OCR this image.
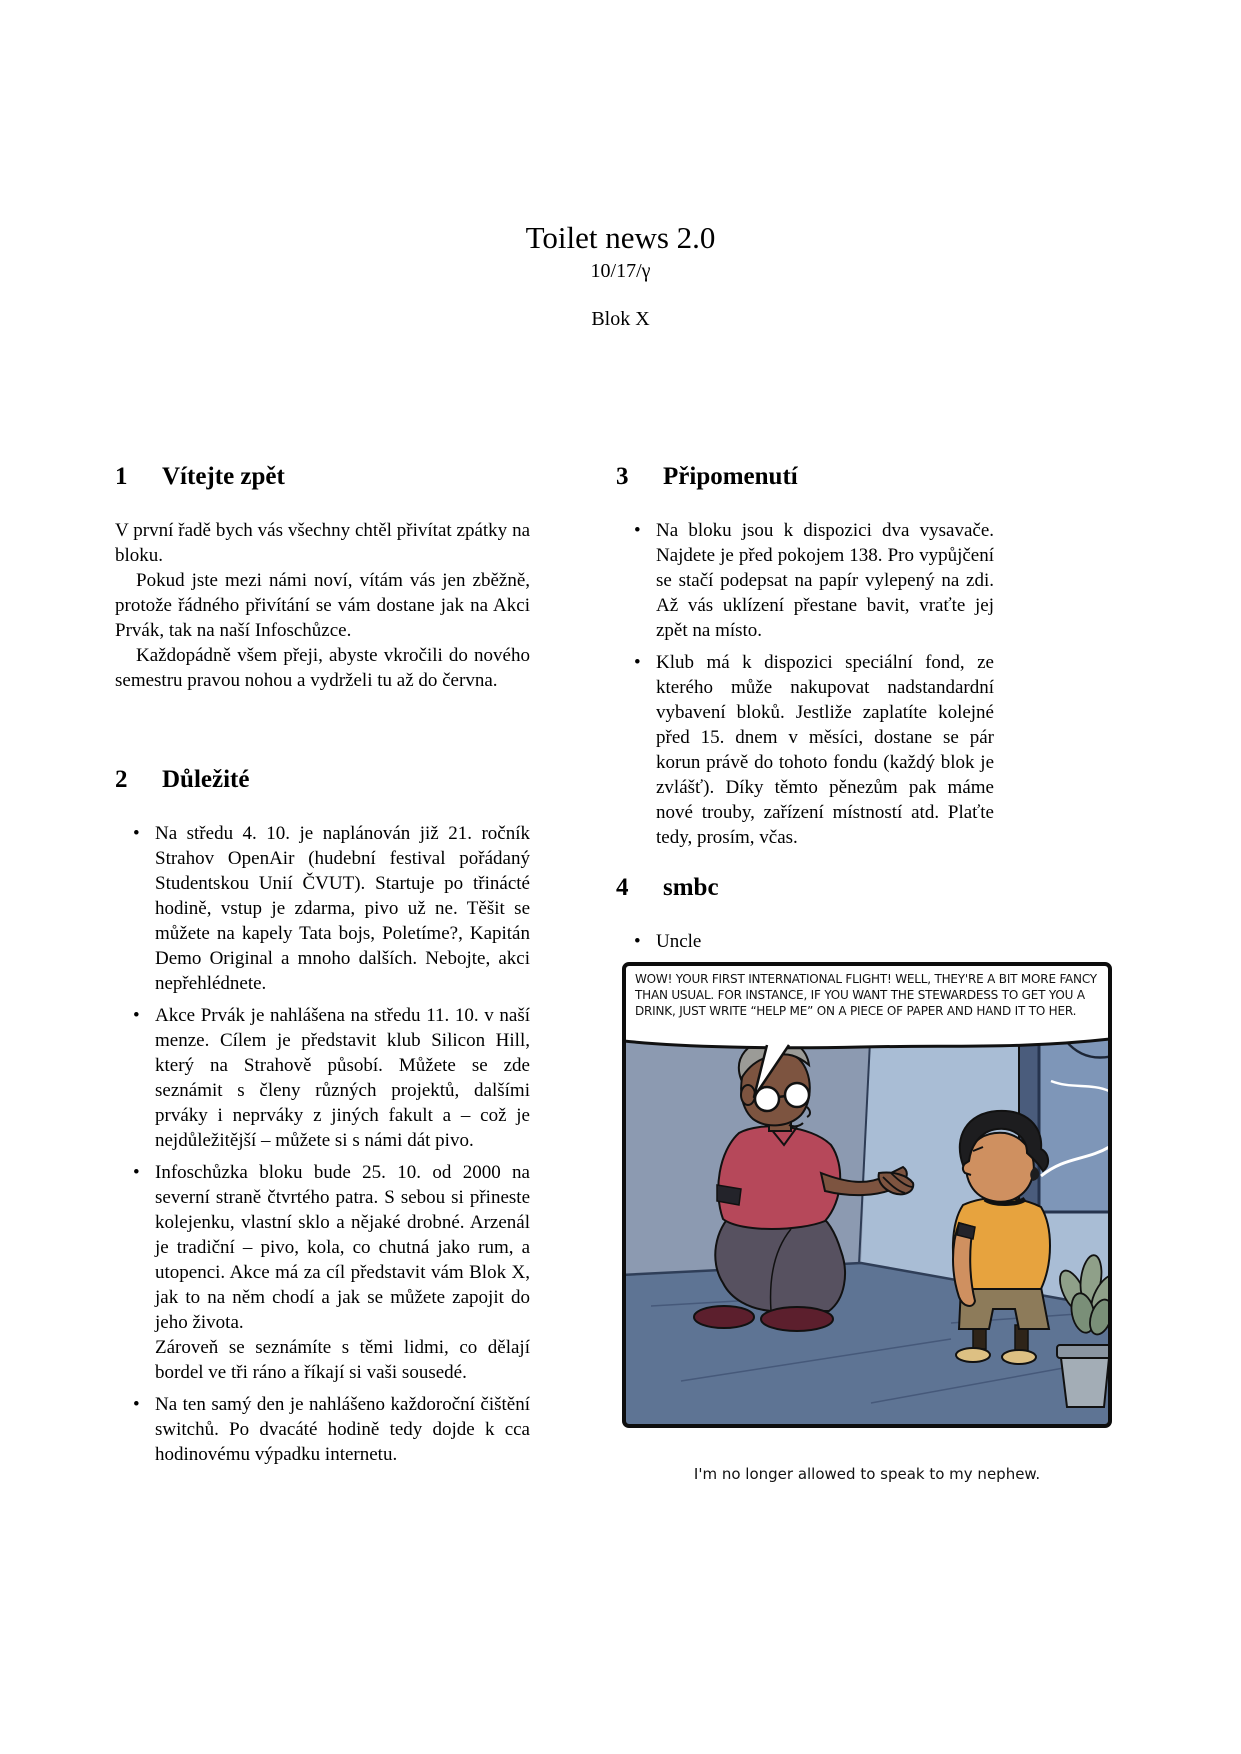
Toilet news 2.0
10/17/γ
Blok X
1 Vítejte zpět

V první řadě bych vás všechny chtěl přivítat zpátky na bloku.

Pokud jste mezi námi noví, vítám vás jen zběžně, protože řádného přivítání se vám dostane jak na Akci Prvák, tak na naší Infoschůzce.

Každopádně všem přeji, abyste vkročili do nového semestru pravou nohou a vydrželi tu až do června.

2 Důležité
• Na středu 4. 10. je naplánován již 21. ročník Strahov OpenAir (hudební festival pořádaný Studentskou Unií ČVUT). Startuje po třinácté hodině, vstup je zdarma, pivo už ne. Těšit se můžete na kapely Tata bojs, Poletíme?, Kapitán Demo Original a mnoho dalších. Nebojte, akci nepřehlédnete.

• Akce Prvák je nahlášena na středu 11. 10. v naší menze. Cílem je představit klub Silicon Hill, který na Strahově působí. Můžete se zde seznámit s členy různých projektů, dalšími prváky i neprváky z jiných fakult a – což je nejdůležitější – můžete si s námi dát pivo.

• Infoschůzka bloku bude 25. 10. od 2000 na severní straně čtvrtého patra. S sebou si přineste kolejenku, vlastní sklo a nějaké drobné. Arzenál je tradiční – pivo, kola, co chutná jako rum, a utopenci. Akce má za cíl představit vám Blok X, jak to na něm chodí a jak se můžete zapojit do jeho života.

Zároveň se seznámíte s těmi lidmi, co dělají bordel ve tři ráno a říkají si vaši sousedé.

• Na ten samý den je nahlášeno každoroční čištění switchů. Po dvacáté hodině tedy dojde k cca hodinovému výpadku internetu.

3 Připomenutí
• Na bloku jsou k dispozici dva vysavače. Najdete je před pokojem 138. Pro vypůjčení se stačí podepsat na papír vylepený na zdi. Až vás uklízení přestane bavit, vraťte jej zpět na místo.

• Klub má k dispozici speciální fond, ze kterého může nakupovat nadstandardní vybavení bloků. Jestliže zaplatíte kolejné před 15. dnem v měsíci, dostane se pár korun právě do tohoto fondu (každý blok je zvlášť). Díky těmto pěnezům pak máme nové trouby, zařízení místností atd. Plaťte tedy, prosím, včas.

4 smbc
• Uncle

WOW! YOUR FIRST INTERNATIONAL FLIGHT! WELL, THEY'RE A BIT MORE FANCY THAN USUAL. FOR INSTANCE, IF YOU WANT THE STEWARDESS TO GET YOU A DRINK, JUST WRITE “HELP ME” ON A PIECE OF PAPER AND HAND IT TO HER.
I'm no longer allowed to speak to my nephew.
